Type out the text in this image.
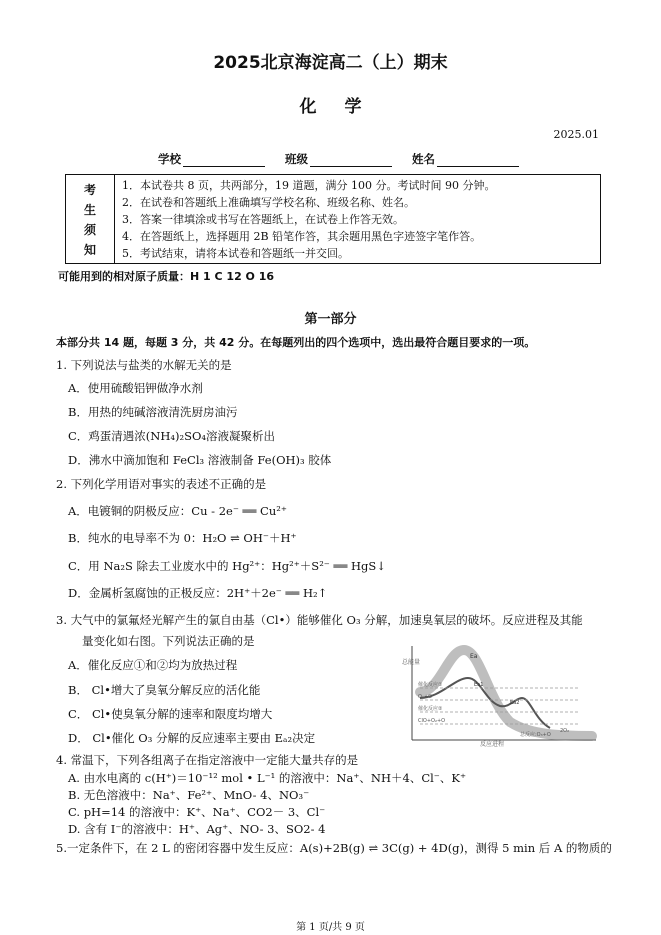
2025北京海淀高二（上）期末
化学
2025.01
学校	班级	姓名
考
生
须
知
1．本试卷共 8 页，共两部分，19 道题，满分 100 分。考试时间 90 分钟。
2．在试卷和答题纸上准确填写学校名称、班级名称、姓名。
3．答案一律填涂或书写在答题纸上，在试卷上作答无效。
4．在答题纸上，选择题用 2B 铅笔作答，其余题用黑色字迹签字笔作答。
5．考试结束，请将本试卷和答题纸一并交回。
可能用到的相对原子质量：H 1 C 12 O 16
第一部分
本部分共 14 题，每题 3 分，共 42 分。在每题列出的四个选项中，选出最符合题目要求的一项。
1. 下列说法与盐类的水解无关的是
A．使用硫酸铝钾做净水剂
B．用热的纯碱溶液清洗厨房油污
C．鸡蛋清遇浓(NH₄)₂SO₄溶液凝聚析出
D．沸水中滴加饱和 FeCl₃ 溶液制备 Fe(OH)₃ 胶体
2. 下列化学用语对事实的表述不正确的是
A．电镀铜的阴极反应：Cu - 2e⁻ ══ Cu²⁺
B．纯水的电导率不为 0：H₂O ⇌ OH⁻＋H⁺
C．用 Na₂S 除去工业废水中的 Hg²⁺：Hg²⁺＋S²⁻ ══ HgS↓
D．金属析氢腐蚀的正极反应：2H⁺＋2e⁻ ══ H₂↑
3. 大气中的氯氟烃光解产生的氯自由基（Cl•）能够催化 O₃ 分解，加速臭氧层的破坏。反应进程及其能
量变化如右图。下列说法正确的是
A．催化反应①和②均为放热过程
B． Cl•增大了臭氧分解反应的活化能
C． Cl•使臭氧分解的速率和限度均增大
D． Cl•催化 O₃ 分解的反应速率主要由 Eₐ₂决定
总能量
反应进程
Ea
Ea1
Ea2
催化反应①
催化反应②
O₃+O
ClO+O₂+O
2O₂
总反应:O₃+O
4. 常温下，下列各组离子在指定溶液中一定能大量共存的是
A. 由水电离的 c(H⁺)＝10⁻¹² mol • L⁻¹ 的溶液中：Na⁺、NH＋4、Cl⁻、K⁺
B. 无色溶液中：Na⁺、Fe²⁺、MnO- 4、NO₃⁻
C. pH=14 的溶液中：K⁺、Na⁺、CO2－ 3、Cl⁻
D. 含有 I⁻的溶液中：H⁺、Ag⁺、NO- 3、SO2- 4
5.一定条件下，在 2 L 的密闭容器中发生反应：A(s)+2B(g) ⇌ 3C(g) + 4D(g)，测得 5 min 后 A 的物质的
第 1 页/共 9 页
